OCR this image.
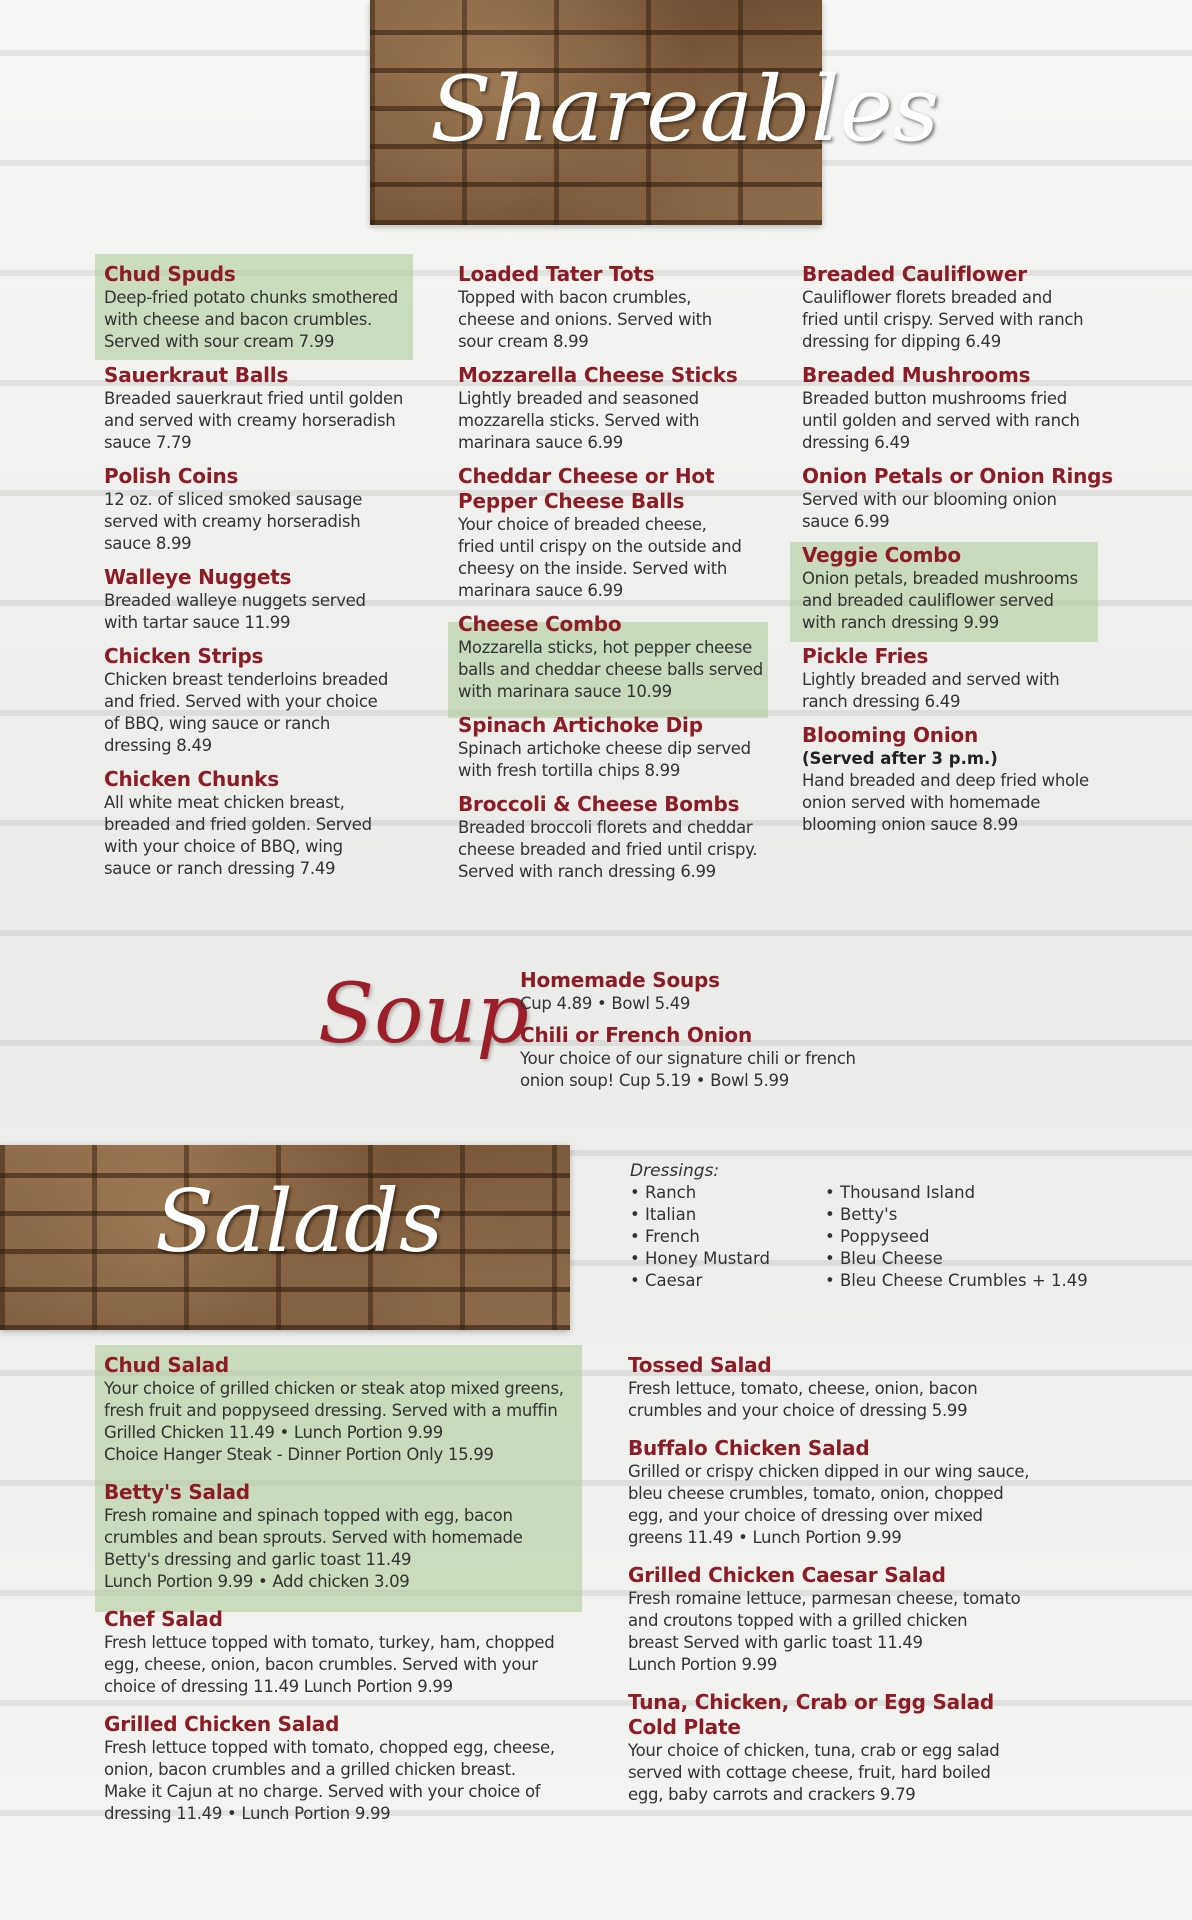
Shareables
Chud Spuds
Deep-fried potato chunks smothered
with cheese and bacon crumbles.
Served with sour cream 7.99
Sauerkraut Balls
Breaded sauerkraut fried until golden
and served with creamy horseradish
sauce 7.79
Polish Coins
12 oz. of sliced smoked sausage
served with creamy horseradish
sauce 8.99
Walleye Nuggets
Breaded walleye nuggets served
with tartar sauce 11.99
Chicken Strips
Chicken breast tenderloins breaded
and fried. Served with your choice
of BBQ, wing sauce or ranch
dressing 8.49
Chicken Chunks
All white meat chicken breast,
breaded and fried golden. Served
with your choice of BBQ, wing
sauce or ranch dressing 7.49
Loaded Tater Tots
Topped with bacon crumbles,
cheese and onions. Served with
sour cream 8.99
Mozzarella Cheese Sticks
Lightly breaded and seasoned
mozzarella sticks. Served with
marinara sauce 6.99
Cheddar Cheese or Hot
Pepper Cheese Balls
Your choice of breaded cheese,
fried until crispy on the outside and
cheesy on the inside. Served with
marinara sauce 6.99
Cheese Combo
Mozzarella sticks, hot pepper cheese
balls and cheddar cheese balls served
with marinara sauce 10.99
Spinach Artichoke Dip
Spinach artichoke cheese dip served
with fresh tortilla chips 8.99
Broccoli & Cheese Bombs
Breaded broccoli florets and cheddar
cheese breaded and fried until crispy.
Served with ranch dressing 6.99
Breaded Cauliflower
Cauliflower florets breaded and
fried until crispy. Served with ranch
dressing for dipping 6.49
Breaded Mushrooms
Breaded button mushrooms fried
until golden and served with ranch
dressing 6.49
Onion Petals or Onion Rings
Served with our blooming onion
sauce 6.99
Veggie Combo
Onion petals, breaded mushrooms
and breaded cauliflower served
with ranch dressing 9.99
Pickle Fries
Lightly breaded and served with
ranch dressing 6.49
Blooming Onion
(Served after 3 p.m.)
Hand breaded and deep fried whole
onion served with homemade
blooming onion sauce 8.99
Soup
Homemade Soups
Cup 4.89 • Bowl 5.49
Chili or French Onion
Your choice of our signature chili or french
onion soup! Cup 5.19 • Bowl 5.99
Salads
Dressings:
• Ranch
• Italian
• French
• Honey Mustard
• Caesar
• Thousand Island
• Betty's
• Poppyseed
• Bleu Cheese
• Bleu Cheese Crumbles + 1.49
Chud Salad
Your choice of grilled chicken or steak atop mixed greens,
fresh fruit and poppyseed dressing. Served with a muffin
Grilled Chicken 11.49 • Lunch Portion 9.99
Choice Hanger Steak - Dinner Portion Only 15.99
Betty's Salad
Fresh romaine and spinach topped with egg, bacon
crumbles and bean sprouts. Served with homemade
Betty's dressing and garlic toast 11.49
Lunch Portion 9.99 • Add chicken 3.09
Chef Salad
Fresh lettuce topped with tomato, turkey, ham, chopped
egg, cheese, onion, bacon crumbles. Served with your
choice of dressing 11.49 Lunch Portion 9.99
Grilled Chicken Salad
Fresh lettuce topped with tomato, chopped egg, cheese,
onion, bacon crumbles and a grilled chicken breast.
Make it Cajun at no charge. Served with your choice of
dressing 11.49 • Lunch Portion 9.99
Tossed Salad
Fresh lettuce, tomato, cheese, onion, bacon
crumbles and your choice of dressing 5.99
Buffalo Chicken Salad
Grilled or crispy chicken dipped in our wing sauce,
bleu cheese crumbles, tomato, onion, chopped
egg, and your choice of dressing over mixed
greens 11.49 • Lunch Portion 9.99
Grilled Chicken Caesar Salad
Fresh romaine lettuce, parmesan cheese, tomato
and croutons topped with a grilled chicken
breast Served with garlic toast 11.49
Lunch Portion 9.99
Tuna, Chicken, Crab or Egg Salad
Cold Plate
Your choice of chicken, tuna, crab or egg salad
served with cottage cheese, fruit, hard boiled
egg, baby carrots and crackers 9.79
